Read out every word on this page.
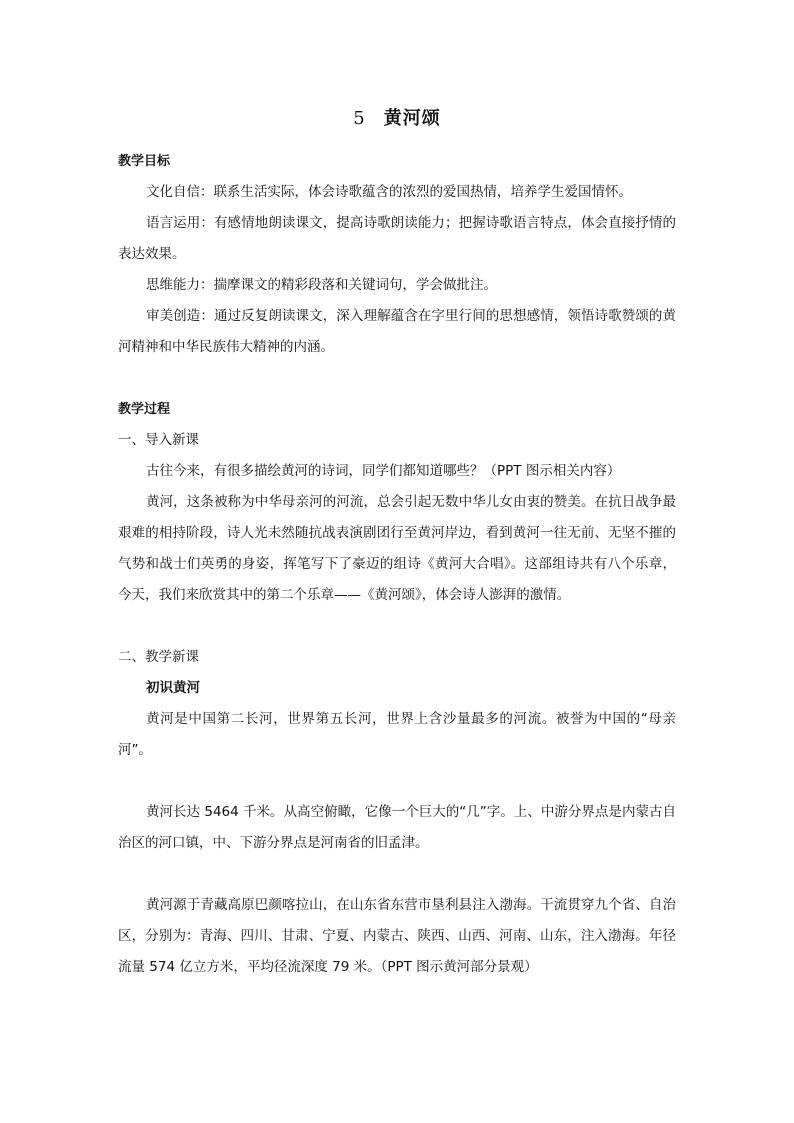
5 黄河颂

教学目标

文化自信：联系生活实际，体会诗歌蕴含的浓烈的爱国热情，培养学生爱国情怀。

语言运用：有感情地朗读课文，提高诗歌朗读能力；把握诗歌语言特点，体会直接抒情的表达效果。

思维能力：揣摩课文的精彩段落和关键词句，学会做批注。

审美创造：通过反复朗读课文，深入理解蕴含在字里行间的思想感情，领悟诗歌赞颂的黄河精神和中华民族伟大精神的内涵。

教学过程

一、导入新课

古往今来，有很多描绘黄河的诗词，同学们都知道哪些？（PPT 图示相关内容）

黄河，这条被称为中华母亲河的河流，总会引起无数中华儿女由衷的赞美。在抗日战争最艰难的相持阶段，诗人光未然随抗战表演剧团行至黄河岸边，看到黄河一往无前、无坚不摧的气势和战士们英勇的身姿，挥笔写下了豪迈的组诗《黄河大合唱》。这部组诗共有八个乐章，今天，我们来欣赏其中的第二个乐章——《黄河颂》，体会诗人澎湃的激情。

二、教学新课

初识黄河

黄河是中国第二长河，世界第五长河，世界上含沙量最多的河流。被誉为中国的“母亲河”。

黄河长达 5464 千米。从高空俯瞰，它像一个巨大的“几”字。上、中游分界点是内蒙古自治区的河口镇，中、下游分界点是河南省的旧孟津。

黄河源于青藏高原巴颜喀拉山，在山东省东营市垦利县注入渤海。干流贯穿九个省、自治区，分别为：青海、四川、甘肃、宁夏、内蒙古、陕西、山西、河南、山东，注入渤海。年径流量 574 亿立方米，平均径流深度 79 米。（PPT 图示黄河部分景观）
